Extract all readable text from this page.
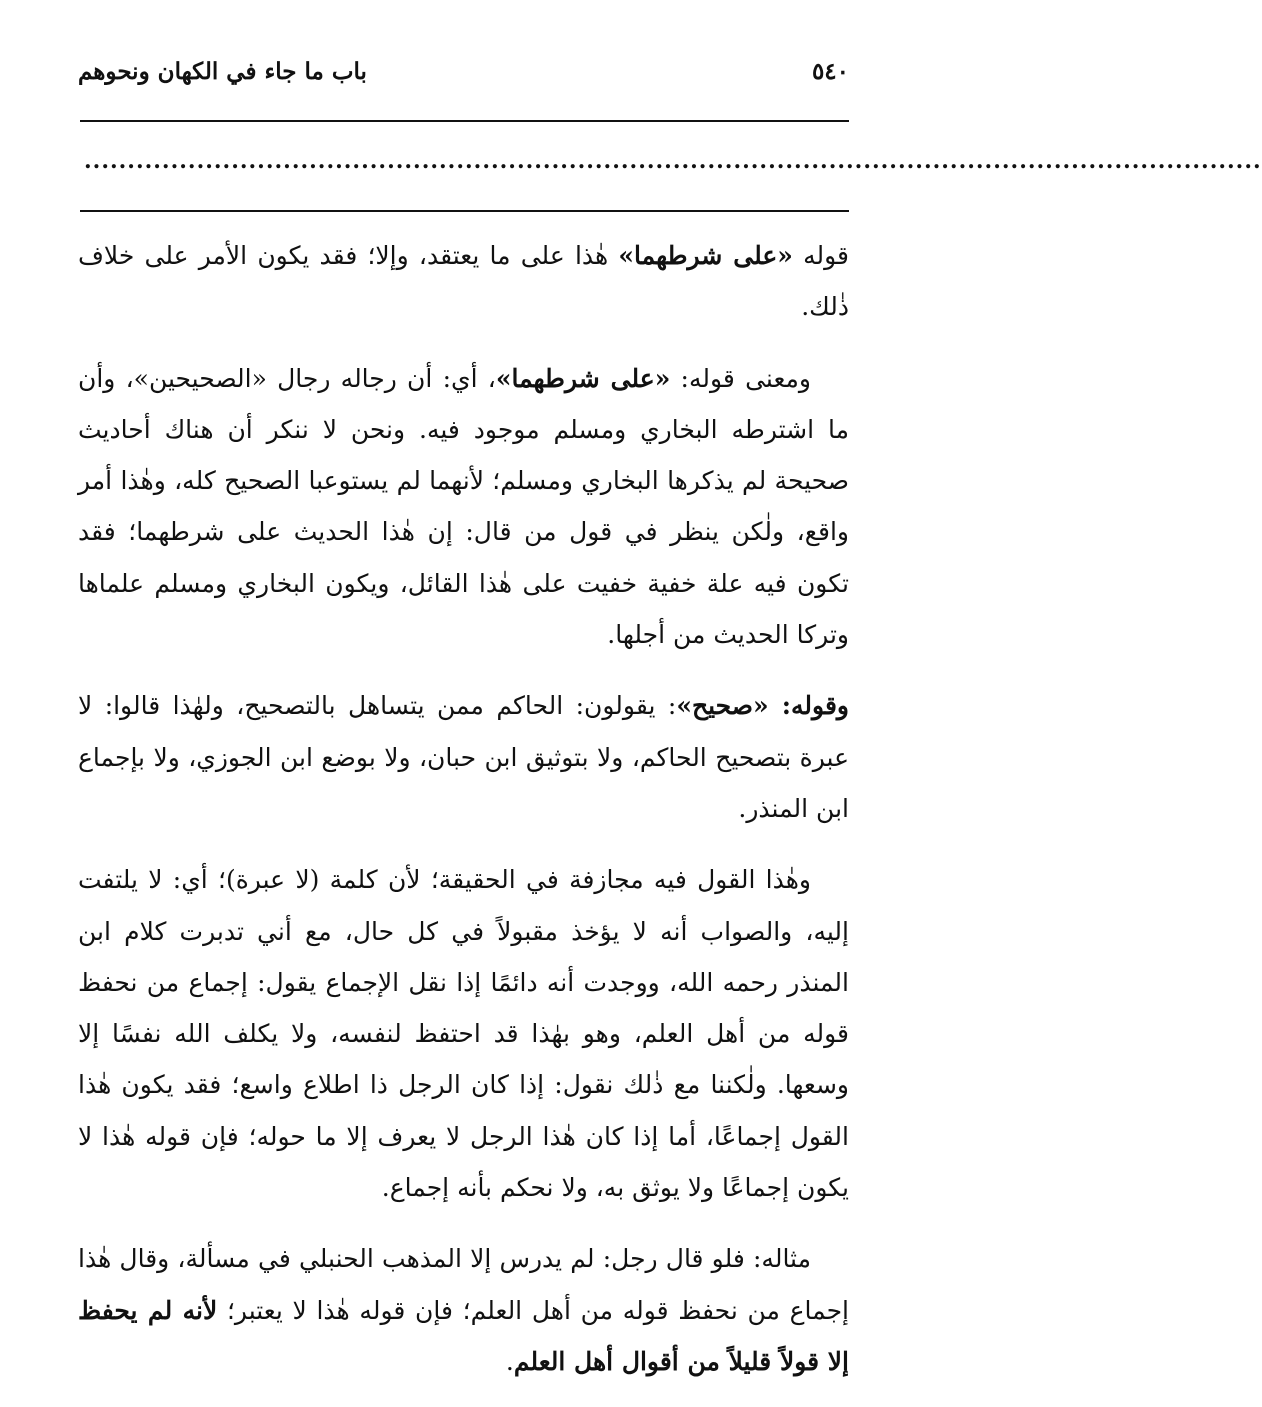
باب ما جاء في الكهان ونحوهم	٥٤٠
........................................................................................................................................

قوله «على شرطهما» هٰذا على ما يعتقد، وإلا؛ فقد يكون الأمر على خلاف ذٰلك.

ومعنى قوله: «على شرطهما»، أي: أن رجاله رجال «الصحيحين»، وأن ما اشترطه البخاري ومسلم موجود فيه. ونحن لا ننكر أن هناك أحاديث صحيحة لم يذكرها البخاري ومسلم؛ لأنهما لم يستوعبا الصحيح كله، وهٰذا أمر واقع، ولٰكن ينظر في قول من قال: إن هٰذا الحديث على شرطهما؛ فقد تكون فيه علة خفية خفيت على هٰذا القائل، ويكون البخاري ومسلم علماها وتركا الحديث من أجلها.

وقوله: «صحيح»: يقولون: الحاكم ممن يتساهل بالتصحيح، ولهٰذا قالوا: لا عبرة بتصحيح الحاكم، ولا بتوثيق ابن حبان، ولا بوضع ابن الجوزي، ولا بإجماع ابن المنذر.

وهٰذا القول فيه مجازفة في الحقيقة؛ لأن كلمة (لا عبرة)؛ أي: لا يلتفت إليه، والصواب أنه لا يؤخذ مقبولاً في كل حال، مع أني تدبرت كلام ابن المنذر رحمه الله، ووجدت أنه دائمًا إذا نقل الإجماع يقول: إجماع من نحفظ قوله من أهل العلم، وهو بهٰذا قد احتفظ لنفسه، ولا يكلف الله نفسًا إلا وسعها. ولٰكننا مع ذٰلك نقول: إذا كان الرجل ذا اطلاع واسع؛ فقد يكون هٰذا القول إجماعًا، أما إذا كان هٰذا الرجل لا يعرف إلا ما حوله؛ فإن قوله هٰذا لا يكون إجماعًا ولا يوثق به، ولا نحكم بأنه إجماع.

مثاله: فلو قال رجل: لم يدرس إلا المذهب الحنبلي في مسألة، وقال هٰذا إجماع من نحفظ قوله من أهل العلم؛ فإن قوله هٰذا لا يعتبر؛ لأنه لم يحفظ إلا قولاً قليلاً من أقوال أهل العلم.
